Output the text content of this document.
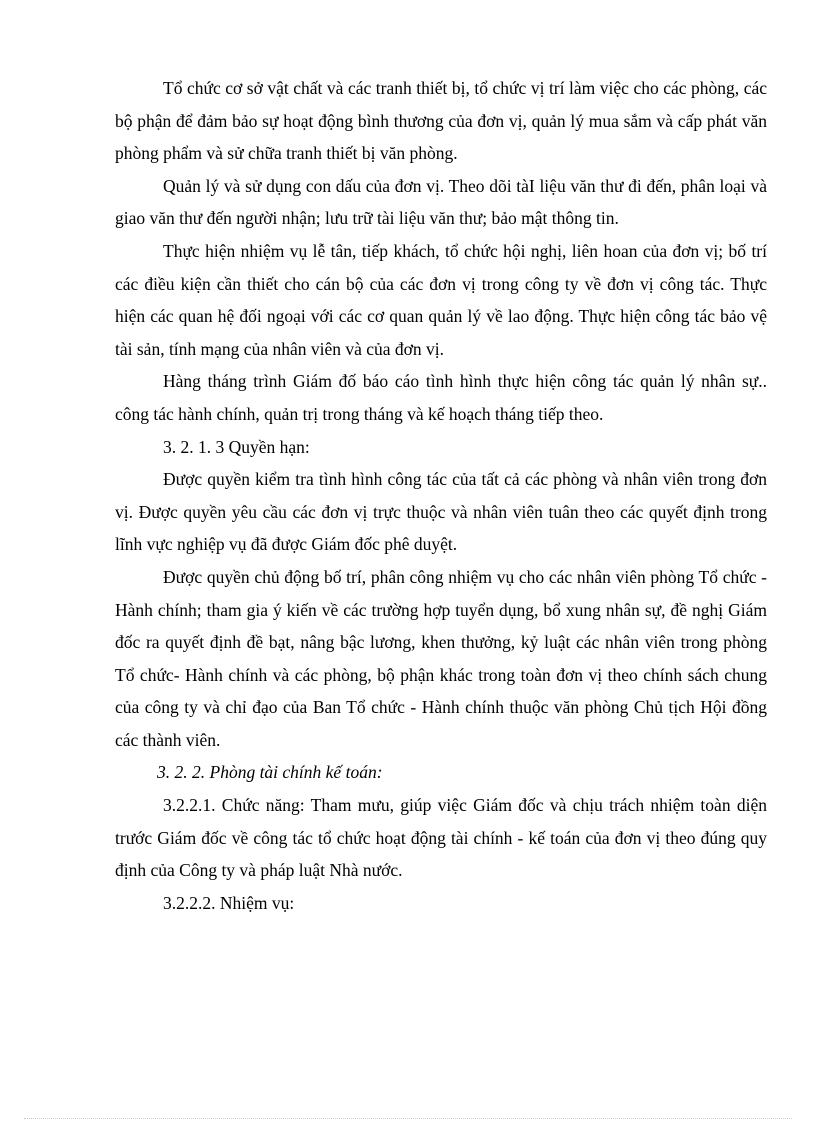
Tổ chức cơ sở vật chất và các tranh thiết bị, tổ chức vị trí làm việc cho các phòng, các bộ phận để đảm bảo sự hoạt động bình thương của đơn vị, quản lý mua sắm và cấp phát văn phòng phẩm và sử chữa tranh thiết bị văn phòng.

Quản lý và sử dụng con dấu của đơn vị. Theo dõi tàI liệu văn thư đi đến, phân loại và giao văn thư đến người nhận; lưu trữ tài liệu văn thư; bảo mật thông tin.

Thực hiện nhiệm vụ lễ tân, tiếp khách, tổ chức hội nghị, liên hoan của đơn vị; bố trí các điều kiện cần thiết cho cán bộ của các đơn vị trong công ty về đơn vị công tác. Thực hiện các quan hệ đối ngoại với các cơ quan quản lý về lao động. Thực hiện công tác bảo vệ tài sản, tính mạng của nhân viên và của đơn vị.

Hàng tháng trình Giám đố báo cáo tình hình thực hiện công tác quản lý nhân sự.. công tác hành chính, quản trị trong tháng và kế hoạch tháng tiếp theo.

3. 2. 1. 3 Quyền hạn:

Được quyền kiểm tra tình hình công tác của tất cả các phòng và nhân viên trong đơn vị. Được quyền yêu cầu các đơn vị trực thuộc và nhân viên tuân theo các quyết định trong lĩnh vực nghiệp vụ đã được Giám đốc phê duyệt.

Được quyền chủ động bố trí, phân công nhiệm vụ cho các nhân viên phòng Tổ chức - Hành chính; tham gia ý kiến về các trường hợp tuyển dụng, bổ xung nhân sự, đề nghị Giám đốc ra quyết định đề bạt, nâng bậc lương, khen thưởng, kỷ luật các nhân viên trong phòng Tổ chức- Hành chính và các phòng, bộ phận khác trong toàn đơn vị theo chính sách chung của công ty và chỉ đạo của Ban Tổ chức - Hành chính thuộc văn phòng Chủ tịch Hội đồng các thành viên.

3. 2. 2. Phòng tài chính kế toán:

3.2.2.1. Chức năng: Tham mưu, giúp việc Giám đốc và chịu trách nhiệm toàn diện trước Giám đốc về công tác tổ chức hoạt động tài chính - kế toán của đơn vị theo đúng quy định của Công ty và pháp luật Nhà nước.

3.2.2.2. Nhiệm vụ:
